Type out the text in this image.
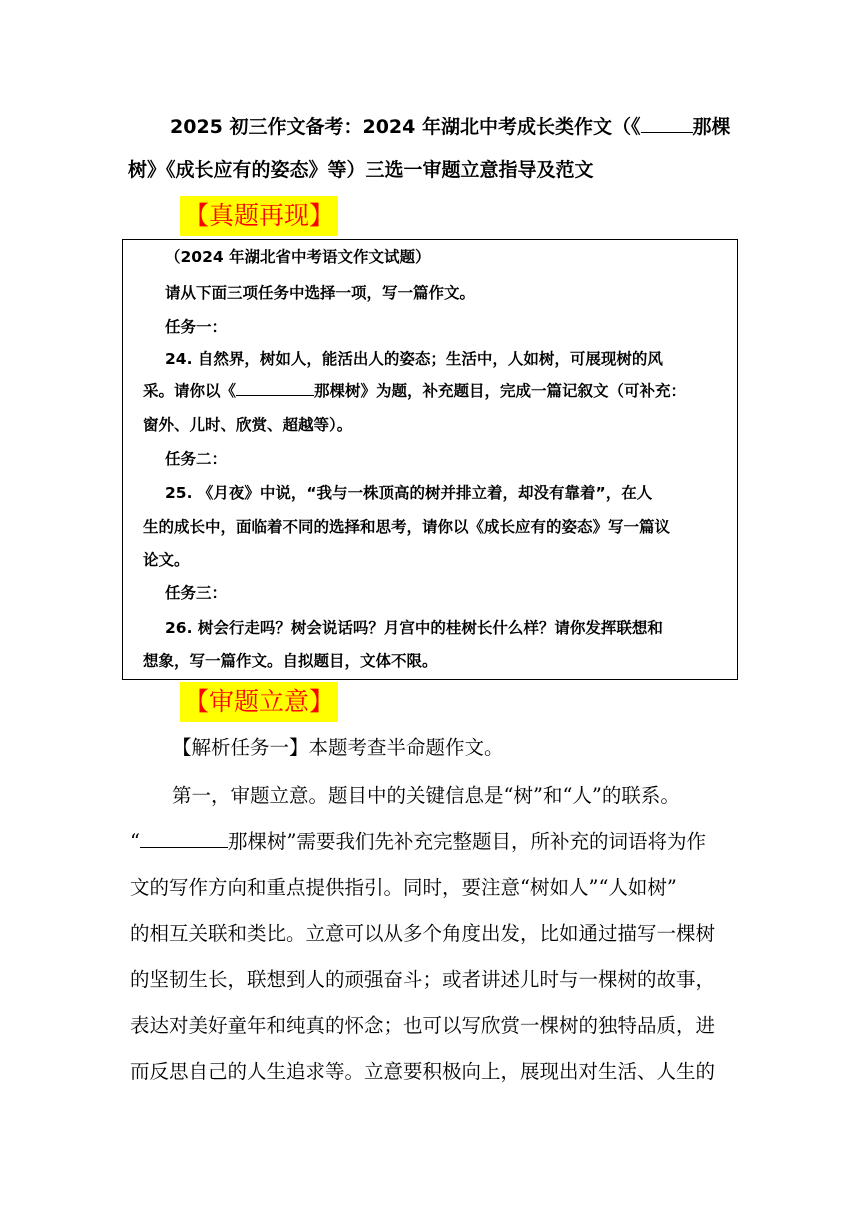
2025 初三作文备考：2024 年湖北中考成长类作文（《	那棵
树》《成长应有的姿态》等）三选一审题立意指导及范文
【真题再现】
（2024 年湖北省中考语文作文试题）
请从下面三项任务中选择一项，写一篇作文。
任务一：
24. 自然界，树如人，能活出人的姿态；生活中，人如树，可展现树的风
采。请你以《	那棵树》为题，补充题目，完成一篇记叙文（可补充：
窗外、儿时、欣赏、超越等）。
任务二：
25. 《月夜》中说，“我与一株顶高的树并排立着，却没有靠着”，在人
生的成长中，面临着不同的选择和思考，请你以《成长应有的姿态》写一篇议
论文。
任务三：
26. 树会行走吗？树会说话吗？月宫中的桂树长什么样？请你发挥联想和
想象，写一篇作文。自拟题目，文体不限。
【审题立意】
【解析任务一】本题考查半命题作文。
第一，审题立意。题目中的关键信息是“树”和“人”的联系。
“	那棵树”需要我们先补充完整题目，所补充的词语将为作
文的写作方向和重点提供指引。同时，要注意“树如人”“人如树”
的相互关联和类比。立意可以从多个角度出发，比如通过描写一棵树
的坚韧生长，联想到人的顽强奋斗；或者讲述儿时与一棵树的故事，
表达对美好童年和纯真的怀念；也可以写欣赏一棵树的独特品质，进
而反思自己的人生追求等。立意要积极向上，展现出对生活、人生的
